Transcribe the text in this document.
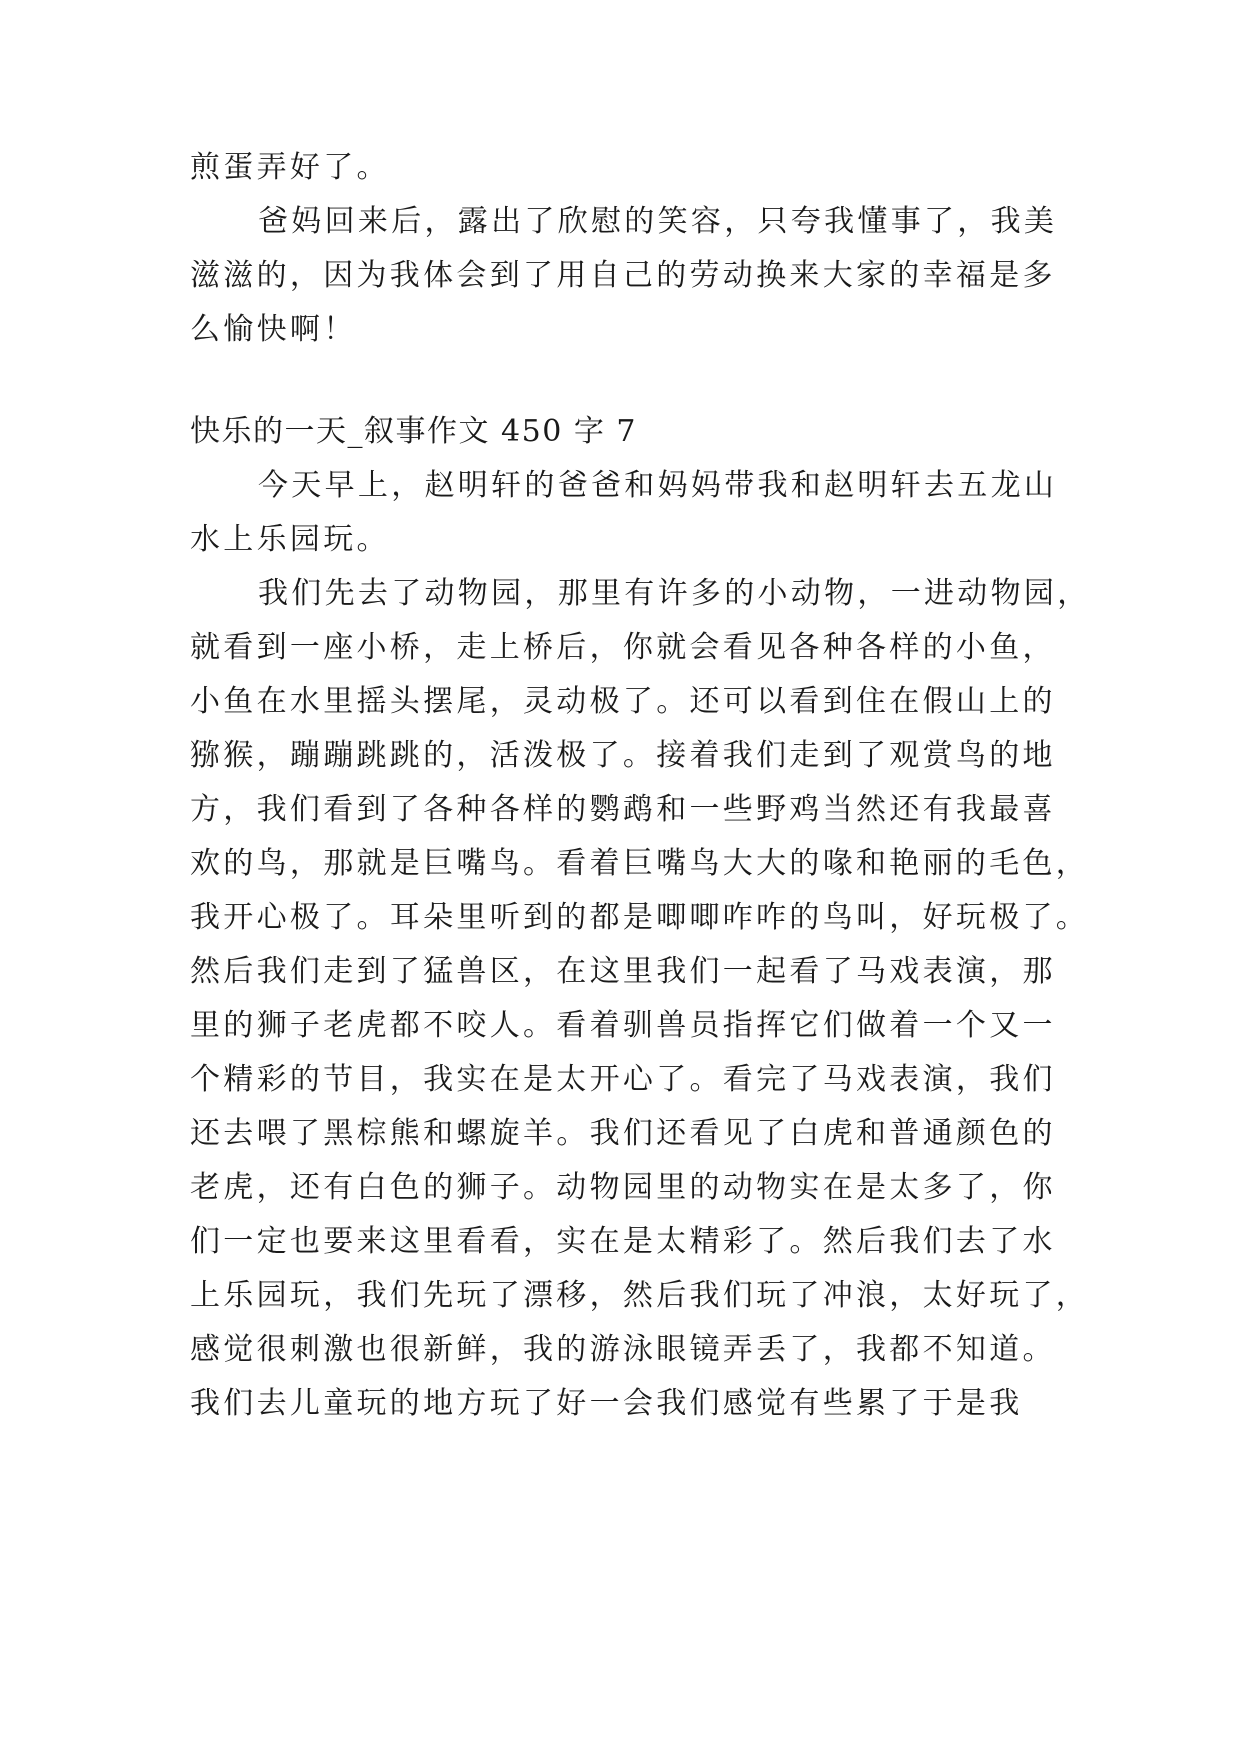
煎蛋弄好了。
爸妈回来后，露出了欣慰的笑容，只夸我懂事了，我美
滋滋的，因为我体会到了用自己的劳动换来大家的幸福是多
么愉快啊！
快乐的一天_叙事作文 450 字 7
今天早上，赵明轩的爸爸和妈妈带我和赵明轩去五龙山
水上乐园玩。
我们先去了动物园，那里有许多的小动物，一进动物园，
就看到一座小桥，走上桥后，你就会看见各种各样的小鱼，
小鱼在水里摇头摆尾，灵动极了。还可以看到住在假山上的
猕猴，蹦蹦跳跳的，活泼极了。接着我们走到了观赏鸟的地
方，我们看到了各种各样的鹦鹉和一些野鸡当然还有我最喜
欢的鸟，那就是巨嘴鸟。看着巨嘴鸟大大的喙和艳丽的毛色，
我开心极了。耳朵里听到的都是唧唧咋咋的鸟叫，好玩极了。
然后我们走到了猛兽区，在这里我们一起看了马戏表演，那
里的狮子老虎都不咬人。看着驯兽员指挥它们做着一个又一
个精彩的节目，我实在是太开心了。看完了马戏表演，我们
还去喂了黑棕熊和螺旋羊。我们还看见了白虎和普通颜色的
老虎，还有白色的狮子。动物园里的动物实在是太多了，你
们一定也要来这里看看，实在是太精彩了。然后我们去了水
上乐园玩，我们先玩了漂移，然后我们玩了冲浪，太好玩了，
感觉很刺激也很新鲜，我的游泳眼镜弄丢了，我都不知道。
我们去儿童玩的地方玩了好一会我们感觉有些累了于是我
